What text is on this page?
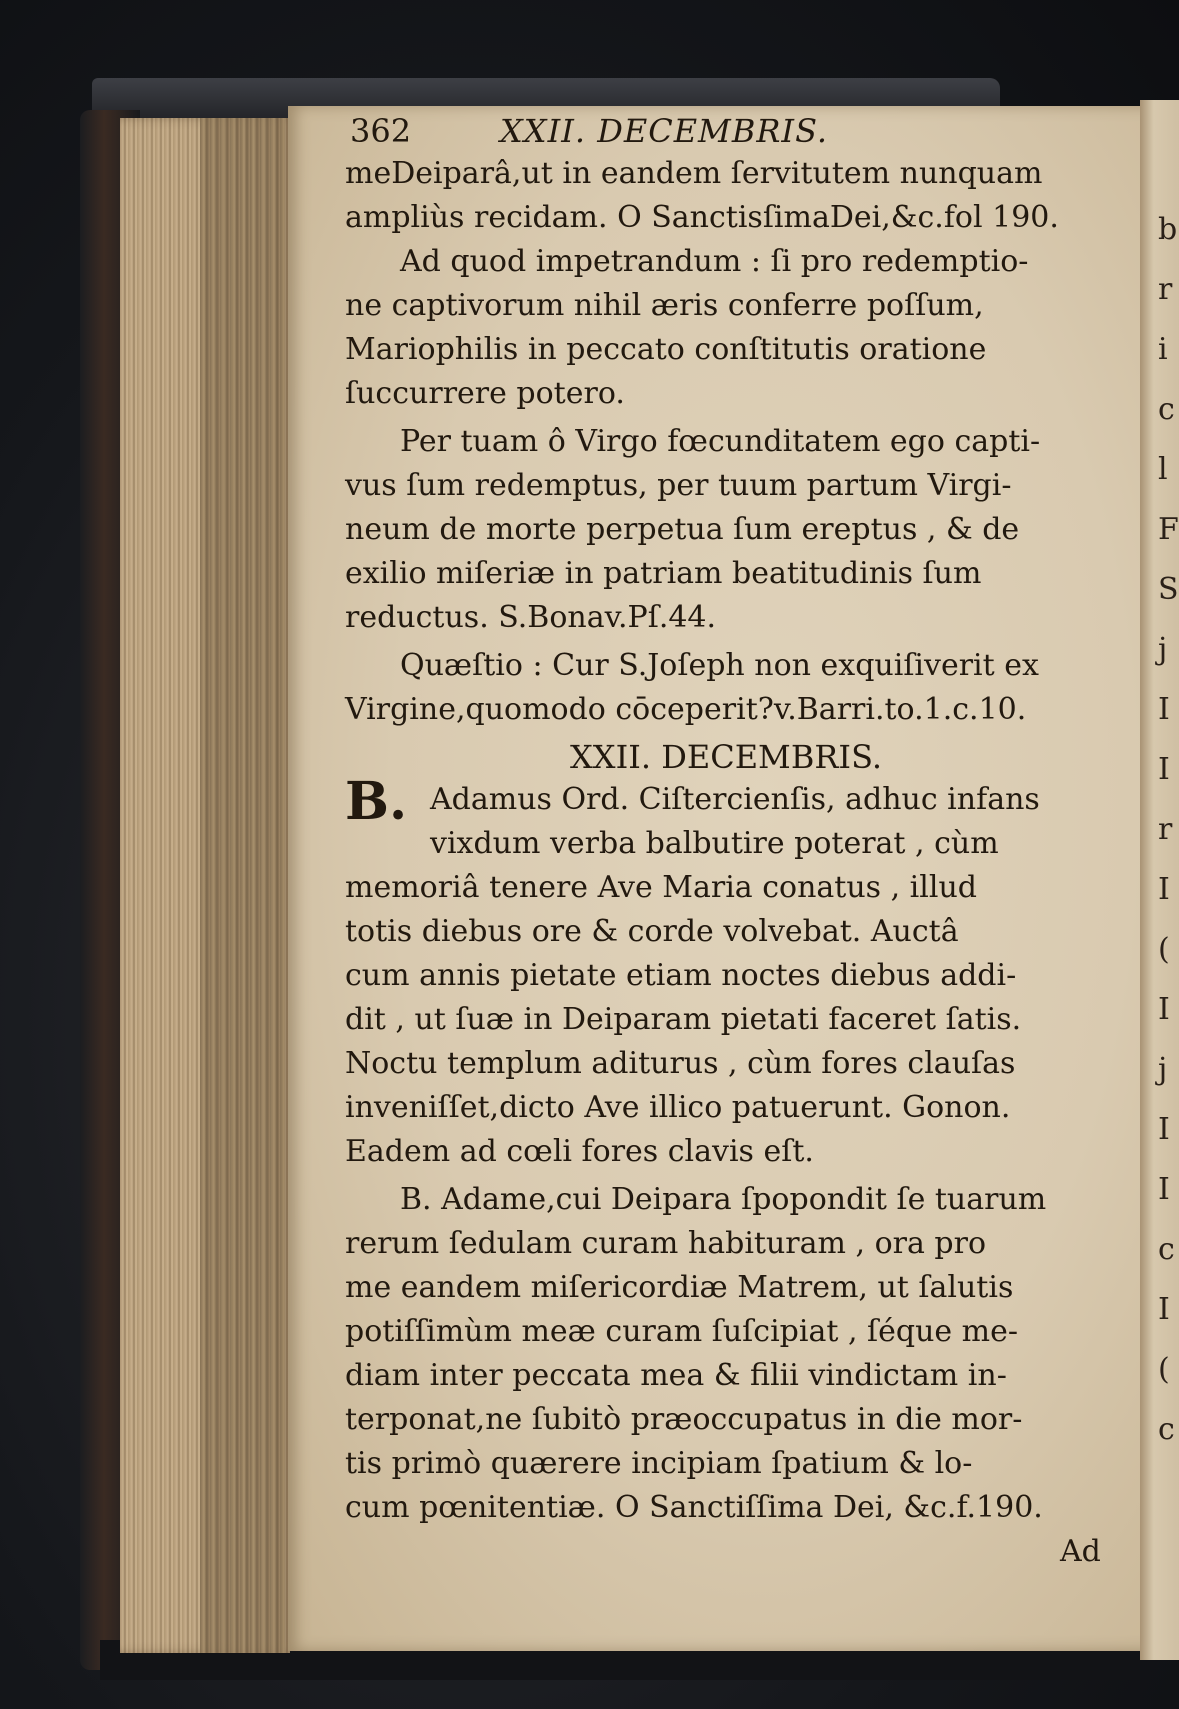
b
r
i
c
l
F
S
j
I
I
r
I
(
I
j
I
I
c
I
(
c
362	XXII. DECEMBRIS.
meDeiparâ,ut in eandem ſervitutem nunquam
ampliùs recidam. O SanctisſimaDei,&c.fol 190.
Ad quod impetrandum : ſi pro redemptio-
ne captivorum nihil æris conferre poſſum,
Mariophilis in peccato conſtitutis oratione
ſuccurrere potero.
Per tuam ô Virgo fœcunditatem ego capti-
vus ſum redemptus, per tuum partum Virgi-
neum de morte perpetua ſum ereptus , & de
exilio miſeriæ in patriam beatitudinis ſum
reductus. S.Bonav.Pſ.44.
Quæſtio : Cur S.Joſeph non exquiſiverit ex
Virgine,quomodo cōceperit?v.Barri.to.1.c.10.
XXII. DECEMBRIS.
B. Adamus Ord. Ciſtercienſis, adhuc infans
vixdum verba balbutire poterat , cùm
memoriâ tenere Ave Maria conatus , illud
totis diebus ore & corde volvebat. Auctâ
cum annis pietate etiam noctes diebus addi-
dit , ut ſuæ in Deiparam pietati faceret ſatis.
Noctu templum aditurus , cùm fores clauſas
inveniſſet,dicto Ave illico patuerunt. Gonon.
Eadem ad cœli fores clavis eſt.
B. Adame,cui Deipara ſpopondit ſe tuarum
rerum ſedulam curam habituram , ora pro
me eandem miſericordiæ Matrem, ut ſalutis
potiſſimùm meæ curam ſuſcipiat , ſéque me-
diam inter peccata mea & filii vindictam in-
terponat,ne ſubitò præoccupatus in die mor-
tis primò quærere incipiam ſpatium & lo-
cum pœnitentiæ. O Sanctiſſima Dei, &c.f.190.
Ad
